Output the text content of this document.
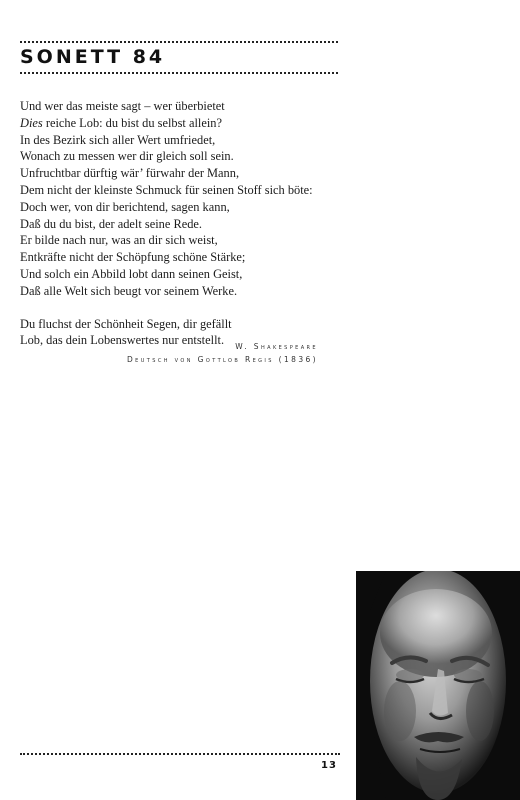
SONETT 84
Und wer das meiste sagt – wer überbietet
Dies reiche Lob: du bist du selbst allein?
In des Bezirk sich aller Wert umfriedet,
Wonach zu messen wer dir gleich soll sein.
Unfruchtbar dürftig wär’ fürwahr der Mann,
Dem nicht der kleinste Schmuck für seinen Stoff sich böte:
Doch wer, von dir berichtend, sagen kann,
Daß du du bist, der adelt seine Rede.
Er bilde nach nur, was an dir sich weist,
Entkräfte nicht der Schöpfung schöne Stärke;
Und solch ein Abbild lobt dann seinen Geist,
Daß alle Welt sich beugt vor seinem Werke.
Du fluchst der Schönheit Segen, dir gefällt
Lob, das dein Lobenswertes nur entstellt.	W. Shakespeare
Deutsch von Gottlob Regis (1836)
13
